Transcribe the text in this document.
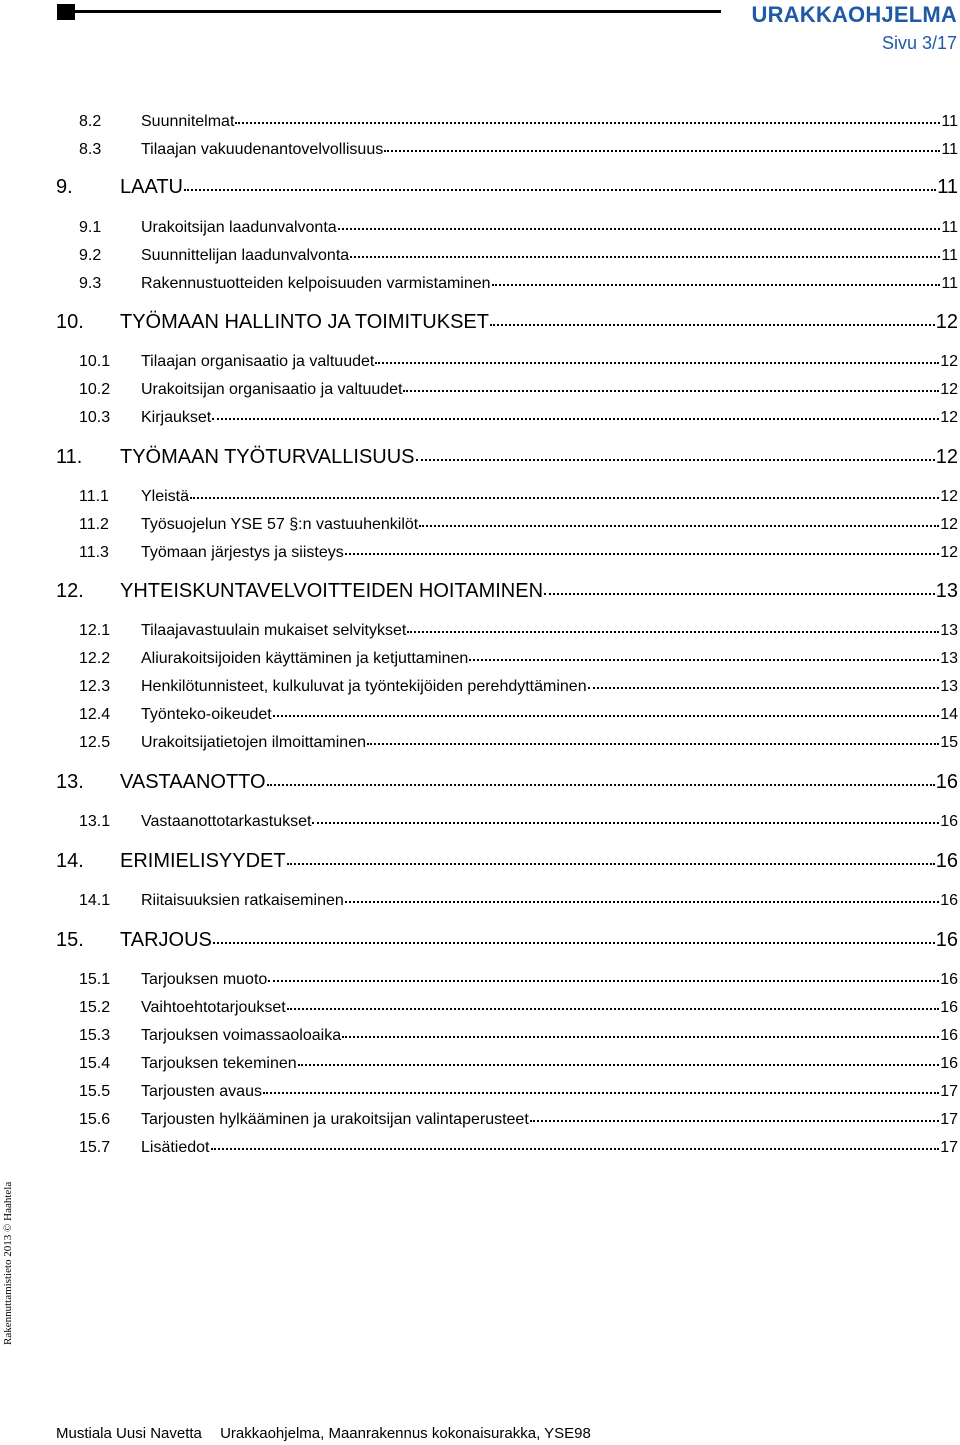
URAKKAOHJELMA
Sivu 3/17
8.2	Suunnitelmat	11
8.3	Tilaajan vakuudenantovelvollisuus	11
9.	LAATU	11
9.1	Urakoitsijan laadunvalvonta	11
9.2	Suunnittelijan laadunvalvonta	11
9.3	Rakennustuotteiden kelpoisuuden varmistaminen	11
10.	TYÖMAAN HALLINTO JA TOIMITUKSET	12
10.1	Tilaajan organisaatio ja valtuudet	12
10.2	Urakoitsijan organisaatio ja valtuudet	12
10.3	Kirjaukset	12
11.	TYÖMAAN TYÖTURVALLISUUS	12
11.1	Yleistä	12
11.2	Työsuojelun YSE 57 §:n vastuuhenkilöt	12
11.3	Työmaan järjestys ja siisteys	12
12.	YHTEISKUNTAVELVOITTEIDEN HOITAMINEN	13
12.1	Tilaajavastuulain mukaiset selvitykset	13
12.2	Aliurakoitsijoiden käyttäminen ja ketjuttaminen	13
12.3	Henkilötunnisteet, kulkuluvat ja työntekijöiden perehdyttäminen	13
12.4	Työnteko-oikeudet	14
12.5	Urakoitsijatietojen ilmoittaminen	15
13.	VASTAANOTTO	16
13.1	Vastaanottotarkastukset	16
14.	ERIMIELISYYDET	16
14.1	Riitaisuuksien ratkaiseminen	16
15.	TARJOUS	16
15.1	Tarjouksen muoto	16
15.2	Vaihtoehtotarjoukset	16
15.3	Tarjouksen voimassaoloaika	16
15.4	Tarjouksen tekeminen	16
15.5	Tarjousten avaus	17
15.6	Tarjousten hylkääminen ja urakoitsijan valintaperusteet	17
15.7	Lisätiedot	17
Rakennuttamistieto 2013 © Haahtela
Mustiala Uusi Navetta Urakkaohjelma, Maanrakennus kokonaisurakka, YSE98
